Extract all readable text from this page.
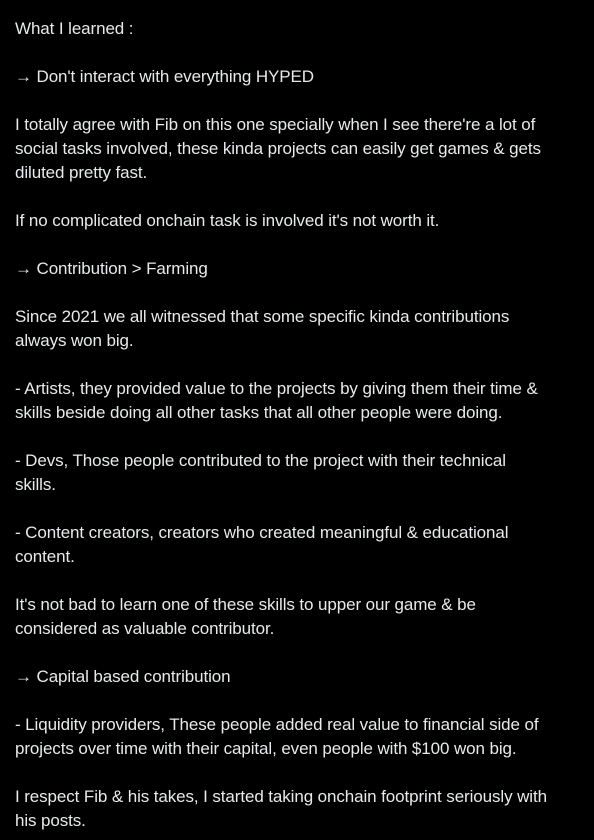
What I learned :
→ Don't interact with everything HYPED
I totally agree with Fib on this one specially when I see there're a lot of
social tasks involved, these kinda projects can easily get games & gets
diluted pretty fast.
If no complicated onchain task is involved it's not worth it.
→ Contribution > Farming
Since 2021 we all witnessed that some specific kinda contributions
always won big.
- Artists, they provided value to the projects by giving them their time &
skills beside doing all other tasks that all other people were doing.
- Devs, Those people contributed to the project with their technical
skills.
- Content creators, creators who created meaningful & educational
content.
It's not bad to learn one of these skills to upper our game & be
considered as valuable contributor.
→ Capital based contribution
- Liquidity providers, These people added real value to financial side of
projects over time with their capital, even people with $100 won big.
I respect Fib & his takes, I started taking onchain footprint seriously with
his posts.
